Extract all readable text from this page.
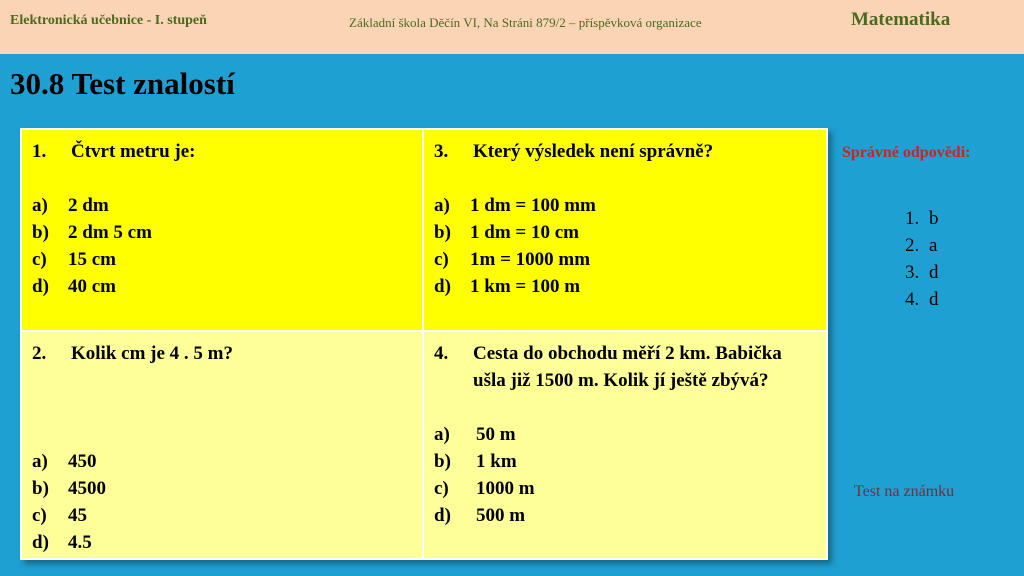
Elektronická učebnice - I. stupeň	Základní škola Děčín VI, Na Stráni 879/2 – příspěvková organizace	Matematika
30.8 Test znalostí
1.	Čtvrt metru je:
a)	2 dm
b)	2 dm 5 cm
c)	15 cm
d)	40 cm
3.	Který výsledek není správně?
a)	1 dm = 100 mm
b)	1 dm = 10 cm
c)	1m = 1000 mm
d)	1 km = 100 m
2.	Kolik cm je 4 . 5 m?
a)	450
b)	4500
c)	45
d)	4.5
4.	Cesta do obchodu měří 2 km. Babička ušla již 1500 m. Kolik jí ještě zbývá?
a)	50 m
b)	1 km
c)	1000 m
d)	500 m
Správné odpovědi:
1. b
2. a
3. d
4. d
Test na známku
